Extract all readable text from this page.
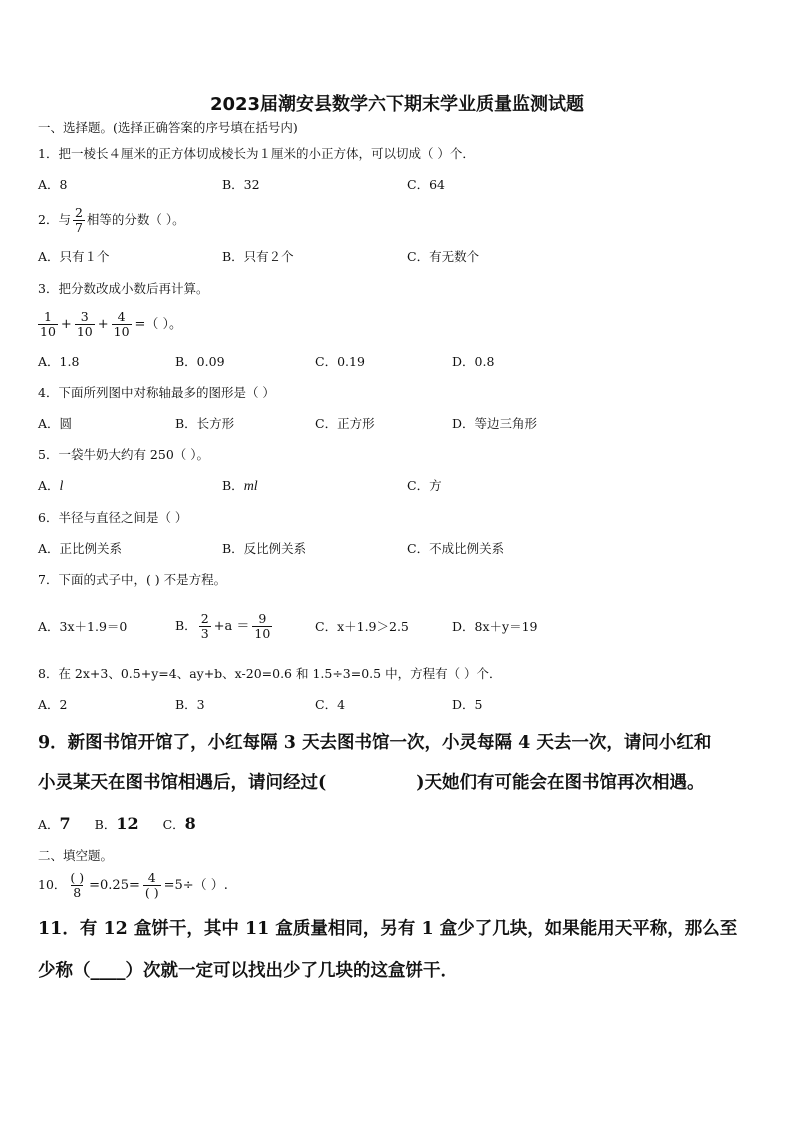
2023届潮安县数学六下期末学业质量监测试题
一、选择题。(选择正确答案的序号填在括号内)
1．把一棱长４厘米的正方体切成棱长为１厘米的小正方体，可以切成（ ）个．
A．8	B．32	C．64
2．与 $\frac{2}{7}$ 相等的分数（ ）。
A．只有１个	B．只有２个	C．有无数个
3．把分数改成小数后再计算。
$\frac{1}{10} + \frac{3}{10} + \frac{4}{10}$ =（ ）。
A．1.8	B．0.09	C．0.19	D．0.8
4．下面所列图中对称轴最多的图形是（ ）
A．圆	B．长方形	C．正方形	D．等边三角形
5．一袋牛奶大约有 250（ ）。
A．l	B．ml	C．方
6．半径与直径之间是（ ）
A．正比例关系	B．反比例关系	C．不成比例关系
7．下面的式子中，( ) 不是方程。
A．3x＋1.9＝0	B． $\frac{2}{3} +a = \frac{9}{10}$	C．x＋1.9＞2.5	D．8x＋y＝19
8．在 2x+3、0.5+y=4、ay+b、x-20=0.6 和 1.5÷3=0.5 中，方程有（ ）个．
A．2	B．3	C．4	D．5
9．新图书馆开馆了，小红每隔 3 天去图书馆一次，小灵每隔 4 天去一次，请问小红和
小灵某天在图书馆相遇后，请问经过(	)天她们有可能会在图书馆再次相遇。
A．7 B．12 C．8
二、填空题。
10． $\frac{( )}{8} =0.25= \frac{4}{( )} =5\div$（ ）.
11．有 12 盒饼干，其中 11 盒质量相同，另有 1 盒少了几块，如果能用天平称，那么至
少称（____）次就一定可以找出少了几块的这盒饼干．
